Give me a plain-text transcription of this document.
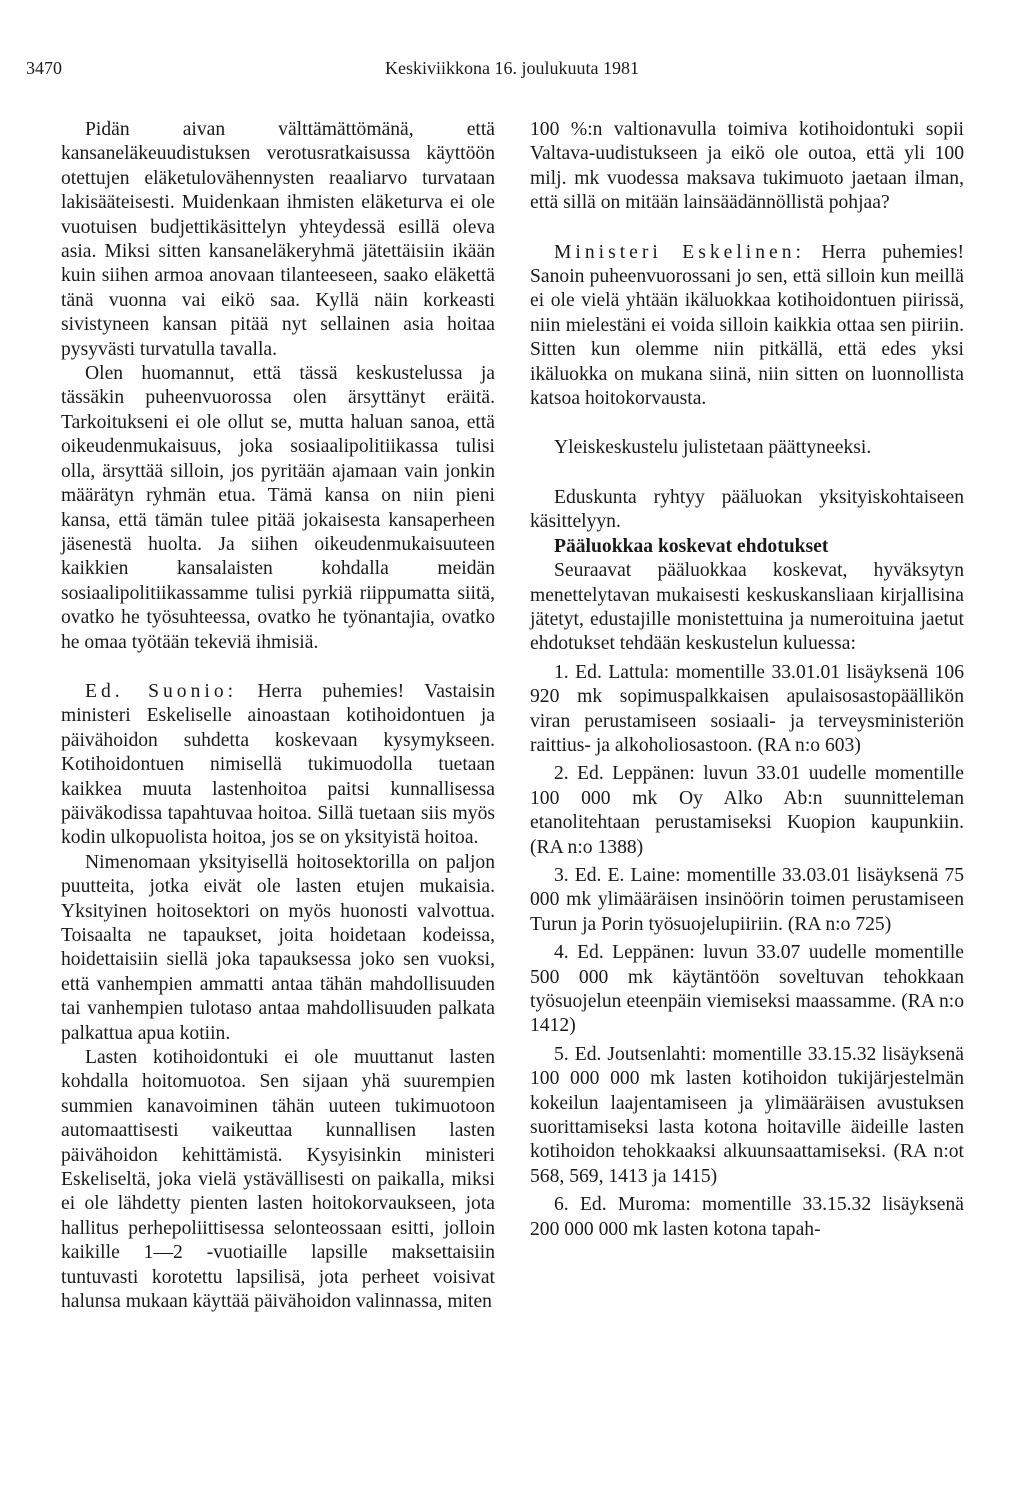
3470	Keskiviikkona 16. joulukuuta 1981

Pidän aivan välttämättömänä, että kansaneläkeuudistuksen verotusratkaisussa käyttöön otettujen eläketulovähennysten reaaliarvo turvataan lakisääteisesti. Muidenkaan ihmisten eläketurva ei ole vuotuisen budjettikäsittelyn yhteydessä esillä oleva asia. Miksi sitten kansaneläkeryhmä jätettäisiin ikään kuin siihen armoa anovaan tilanteeseen, saako eläkettä tänä vuonna vai eikö saa. Kyllä näin korkeasti sivistyneen kansan pitää nyt sellainen asia hoitaa pysyvästi turvatulla tavalla.

Olen huomannut, että tässä keskustelussa ja tässäkin puheenvuorossa olen ärsyttänyt eräitä. Tarkoitukseni ei ole ollut se, mutta haluan sanoa, että oikeudenmukaisuus, joka sosiaalipolitiikassa tulisi olla, ärsyttää silloin, jos pyritään ajamaan vain jonkin määrätyn ryhmän etua. Tämä kansa on niin pieni kansa, että tämän tulee pitää jokaisesta kansaperheen jäsenestä huolta. Ja siihen oikeudenmukaisuuteen kaikkien kansalaisten kohdalla meidän sosiaalipolitiikassamme tulisi pyrkiä riippumatta siitä, ovatko he työsuhteessa, ovatko he työnantajia, ovatko he omaa työtään tekeviä ihmisiä.

Ed. Suonio: Herra puhemies! Vastaisin ministeri Eskeliselle ainoastaan kotihoidontuen ja päivähoidon suhdetta koskevaan kysymykseen. Kotihoidontuen nimisellä tukimuodolla tuetaan kaikkea muuta lastenhoitoa paitsi kunnallisessa päiväkodissa tapahtuvaa hoitoa. Sillä tuetaan siis myös kodin ulkopuolista hoitoa, jos se on yksityistä hoitoa.

Nimenomaan yksityisellä hoitosektorilla on paljon puutteita, jotka eivät ole lasten etujen mukaisia. Yksityinen hoitosektori on myös huonosti valvottua. Toisaalta ne tapaukset, joita hoidetaan kodeissa, hoidettaisiin siellä joka tapauksessa joko sen vuoksi, että vanhempien ammatti antaa tähän mahdollisuuden tai vanhempien tulotaso antaa mahdollisuuden palkata palkattua apua kotiin.

Lasten kotihoidontuki ei ole muuttanut lasten kohdalla hoitomuotoa. Sen sijaan yhä suurempien summien kanavoiminen tähän uuteen tukimuotoon automaattisesti vaikeuttaa kunnallisen lasten päivähoidon kehittämistä. Kysyisinkin ministeri Eskeliseltä, joka vielä ystävällisesti on paikalla, miksi ei ole lähdetty pienten lasten hoitokorvaukseen, jota hallitus perhepoliittisessa selonteossaan esitti, jolloin kaikille 1—2 -vuotiaille lapsille maksettaisiin tuntuvasti korotettu lapsilisä, jota perheet voisivat halunsa mukaan käyttää päivähoidon valinnassa, miten

100 %:n valtionavulla toimiva kotihoidontuki sopii Valtava-uudistukseen ja eikö ole outoa, että yli 100 milj. mk vuodessa maksava tukimuoto jaetaan ilman, että sillä on mitään lainsäädännöllistä pohjaa?

Ministeri Eskelinen: Herra puhemies! Sanoin puheenvuorossani jo sen, että silloin kun meillä ei ole vielä yhtään ikäluokkaa kotihoidontuen piirissä, niin mielestäni ei voida silloin kaikkia ottaa sen piiriin. Sitten kun olemme niin pitkällä, että edes yksi ikäluokka on mukana siinä, niin sitten on luonnollista katsoa hoitokorvausta.

Yleiskeskustelu julistetaan päättyneeksi.

Eduskunta ryhtyy pääluokan yksityiskohtaiseen käsittelyyn.

Pääluokkaa koskevat ehdotukset

Seuraavat pääluokkaa koskevat, hyväksytyn menettelytavan mukaisesti keskuskansliaan kirjallisina jätetyt, edustajille monistettuina ja numeroituina jaetut ehdotukset tehdään keskustelun kuluessa:

1. Ed. Lattula: momentille 33.01.01 lisäyksenä 106 920 mk sopimuspalkkaisen apulaisosastopäällikön viran perustamiseen sosiaali- ja terveysministeriön raittius- ja alkoholiosastoon. (RA n:o 603)
2. Ed. Leppänen: luvun 33.01 uudelle momentille 100 000 mk Oy Alko Ab:n suunnitteleman etanolitehtaan perustamiseksi Kuopion kaupunkiin. (RA n:o 1388)
3. Ed. E. Laine: momentille 33.03.01 lisäyksenä 75 000 mk ylimääräisen insinöörin toimen perustamiseen Turun ja Porin työsuojelupiiriin. (RA n:o 725)
4. Ed. Leppänen: luvun 33.07 uudelle momentille 500 000 mk käytäntöön soveltuvan tehokkaan työsuojelun eteenpäin viemiseksi maassamme. (RA n:o 1412)
5. Ed. Joutsenlahti: momentille 33.15.32 lisäyksenä 100 000 000 mk lasten kotihoidon tukijärjestelmän kokeilun laajentamiseen ja ylimääräisen avustuksen suorittamiseksi lasta kotona hoitaville äideille lasten kotihoidon tehokkaaksi alkuunsaattamiseksi. (RA n:ot 568, 569, 1413 ja 1415)
6. Ed. Muroma: momentille 33.15.32 lisäyksenä 200 000 000 mk lasten kotona tapah-
